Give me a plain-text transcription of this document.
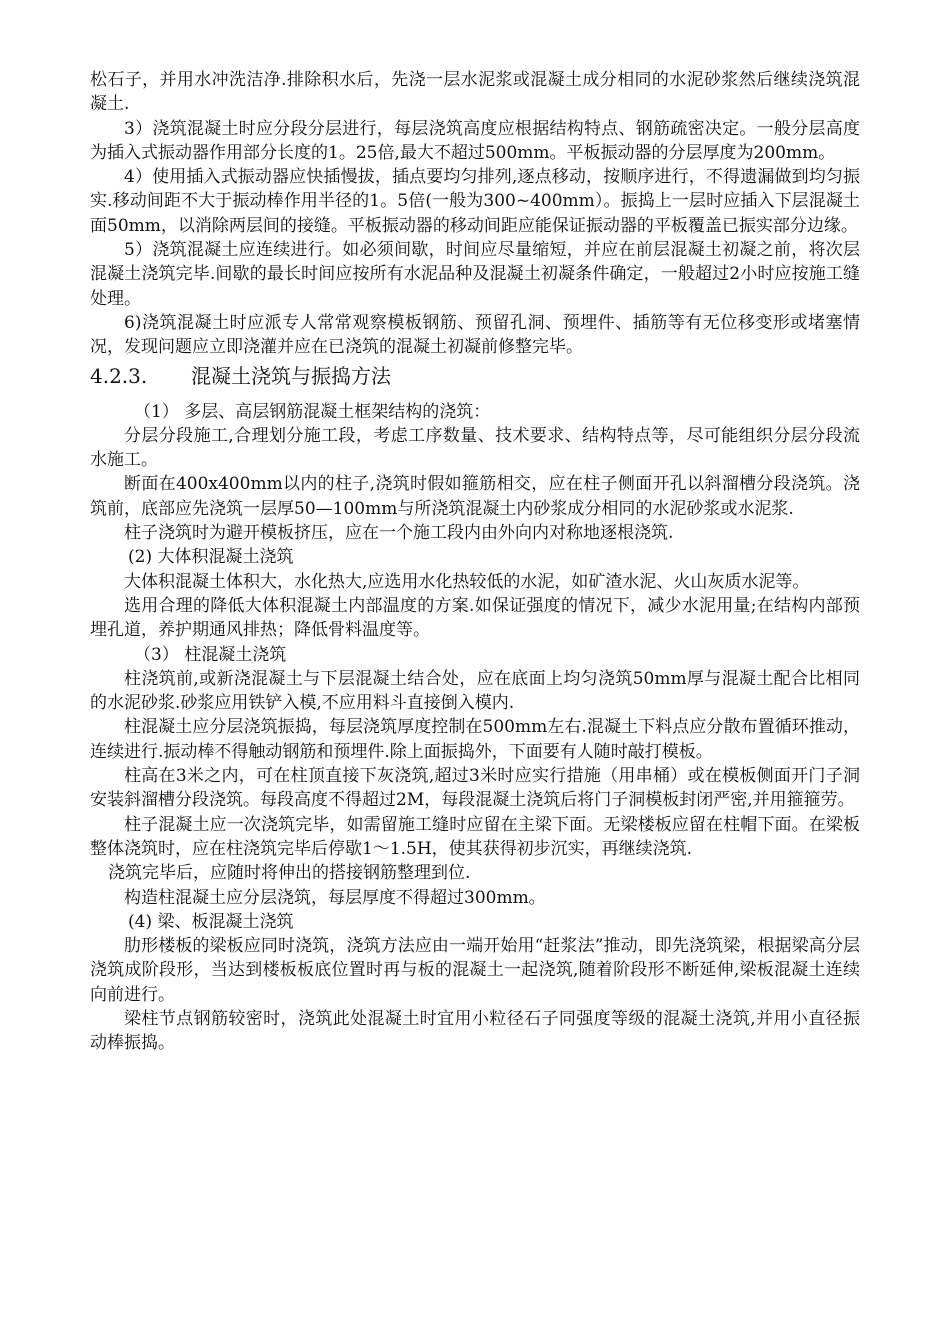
松石子，并用水冲洗洁净.排除积水后，先浇一层水泥浆或混凝土成分相同的水泥砂浆然后继续浇筑混凝土.

3）浇筑混凝土时应分段分层进行，每层浇筑高度应根据结构特点、钢筋疏密决定。一般分层高度为插入式振动器作用部分长度的1。25倍,最大不超过500mm。平板振动器的分层厚度为200mm。

4）使用插入式振动器应快插慢拔，插点要均匀排列,逐点移动，按顺序进行，不得遗漏做到均匀振实.移动间距不大于振动棒作用半径的1。5倍(一般为300~400mm）。振捣上一层时应插入下层混凝土面50mm，以消除两层间的接缝。平板振动器的移动间距应能保证振动器的平板覆盖已振实部分边缘。

5）浇筑混凝土应连续进行。如必须间歇，时间应尽量缩短，并应在前层混凝土初凝之前，将次层混凝土浇筑完毕.间歇的最长时间应按所有水泥品种及混凝土初凝条件确定，一般超过2小时应按施工缝处理。

6)浇筑混凝土时应派专人常常观察模板钢筋、预留孔洞、预埋件、插筋等有无位移变形或堵塞情况，发现问题应立即浇灌并应在已浇筑的混凝土初凝前修整完毕。

4.2.3. 混凝土浇筑与振捣方法

（1） 多层、高层钢筋混凝土框架结构的浇筑：

分层分段施工,合理划分施工段，考虑工序数量、技术要求、结构特点等，尽可能组织分层分段流水施工。

断面在400x400mm以内的柱子,浇筑时假如箍筋相交，应在柱子侧面开孔以斜溜槽分段浇筑。浇筑前，底部应先浇筑一层厚50—100mm与所浇筑混凝土内砂浆成分相同的水泥砂浆或水泥浆.

柱子浇筑时为避开模板挤压，应在一个施工段内由外向内对称地逐根浇筑.

(2) 大体积混凝土浇筑

大体积混凝土体积大，水化热大,应选用水化热较低的水泥，如矿渣水泥、火山灰质水泥等。

选用合理的降低大体积混凝土内部温度的方案.如保证强度的情况下，减少水泥用量;在结构内部预埋孔道，养护期通风排热；降低骨料温度等。

（3） 柱混凝土浇筑

柱浇筑前,或新浇混凝土与下层混凝土结合处，应在底面上均匀浇筑50mm厚与混凝土配合比相同的水泥砂浆.砂浆应用铁铲入模,不应用料斗直接倒入模内.

柱混凝土应分层浇筑振捣，每层浇筑厚度控制在500mm左右.混凝土下料点应分散布置循环推动，连续进行.振动棒不得触动钢筋和预埋件.除上面振捣外，下面要有人随时敲打模板。

柱高在3米之内，可在柱顶直接下灰浇筑,超过3米时应实行措施（用串桶）或在模板侧面开门子洞安装斜溜槽分段浇筑。每段高度不得超过2M，每段混凝土浇筑后将门子洞模板封闭严密,并用箍箍劳。

柱子混凝土应一次浇筑完毕，如需留施工缝时应留在主梁下面。无梁楼板应留在柱帽下面。在梁板整体浇筑时，应在柱浇筑完毕后停歇1～1.5H，使其获得初步沉实，再继续浇筑.

浇筑完毕后，应随时将伸出的搭接钢筋整理到位.

构造柱混凝土应分层浇筑，每层厚度不得超过300mm。

(4) 梁、板混凝土浇筑

肋形楼板的梁板应同时浇筑，浇筑方法应由一端开始用“赶浆法”推动，即先浇筑梁，根据梁高分层浇筑成阶段形，当达到楼板板底位置时再与板的混凝土一起浇筑,随着阶段形不断延伸,梁板混凝土连续向前进行。

梁柱节点钢筋较密时，浇筑此处混凝土时宜用小粒径石子同强度等级的混凝土浇筑,并用小直径振动棒振捣。
